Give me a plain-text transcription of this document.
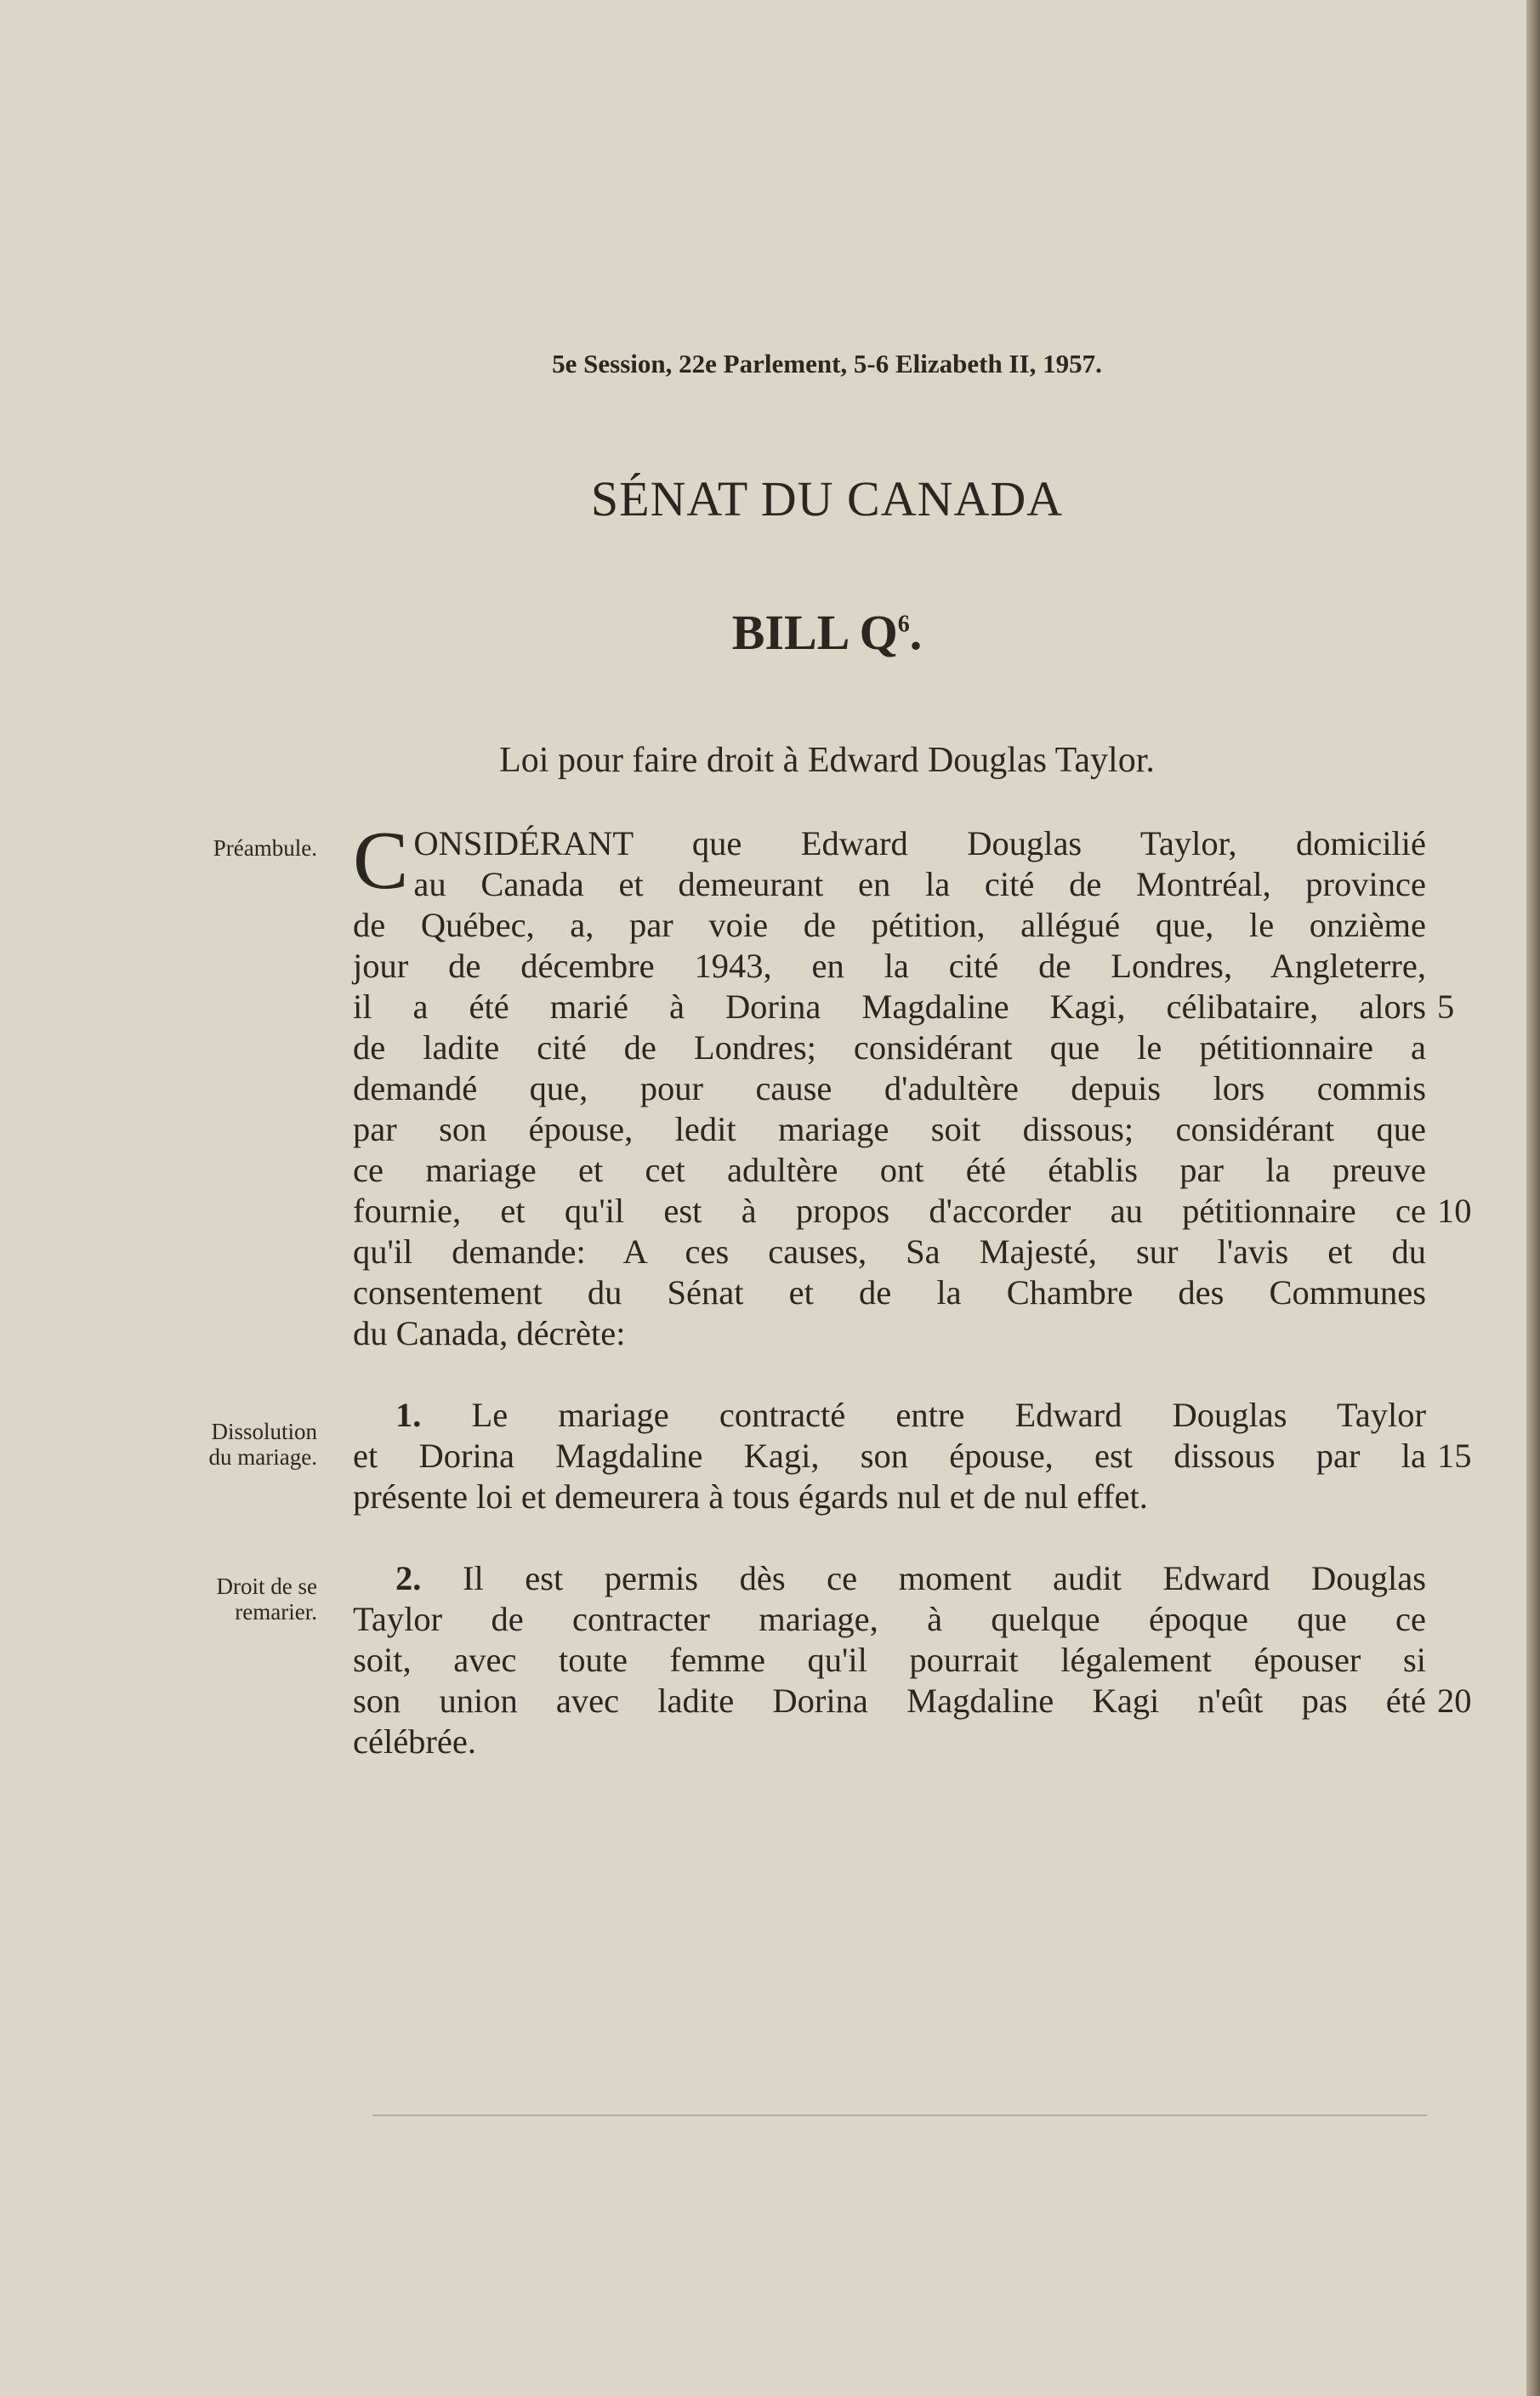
5e Session, 22e Parlement, 5-6 Elizabeth II, 1957.
SÉNAT DU CANADA
BILL $Q^6$.
Loi pour faire droit à Edward Douglas Taylor.
Préambule. C ONSIDÉRANT que Edward Douglas Taylor, domicilié
au Canada et demeurant en la cité de Montréal, province
de Québec, a, par voie de pétition, allégué que, le onzième
jour de décembre 1943, en la cité de Londres, Angleterre,
il a été marié à Dorina Magdaline Kagi, célibataire, alors
de ladite cité de Londres; considérant que le pétitionnaire a
demandé que, pour cause d'adultère depuis lors commis
par son épouse, ledit mariage soit dissous; considérant que
ce mariage et cet adultère ont été établis par la preuve
fournie, et qu'il est à propos d'accorder au pétitionnaire ce
qu'il demande: A ces causes, Sa Majesté, sur l'avis et du
consentement du Sénat et de la Chambre des Communes
du Canada, décrète:
Dissolution
du mariage.
1. Le mariage contracté entre Edward Douglas Taylor
et Dorina Magdaline Kagi, son épouse, est dissous par la
présente loi et demeurera à tous égards nul et de nul effet.
Droit de se
remarier.
2. Il est permis dès ce moment audit Edward Douglas
Taylor de contracter mariage, à quelque époque que ce
soit, avec toute femme qu'il pourrait légalement épouser si
son union avec ladite Dorina Magdaline Kagi n'eût pas été
célébrée.
5
10
15
20
